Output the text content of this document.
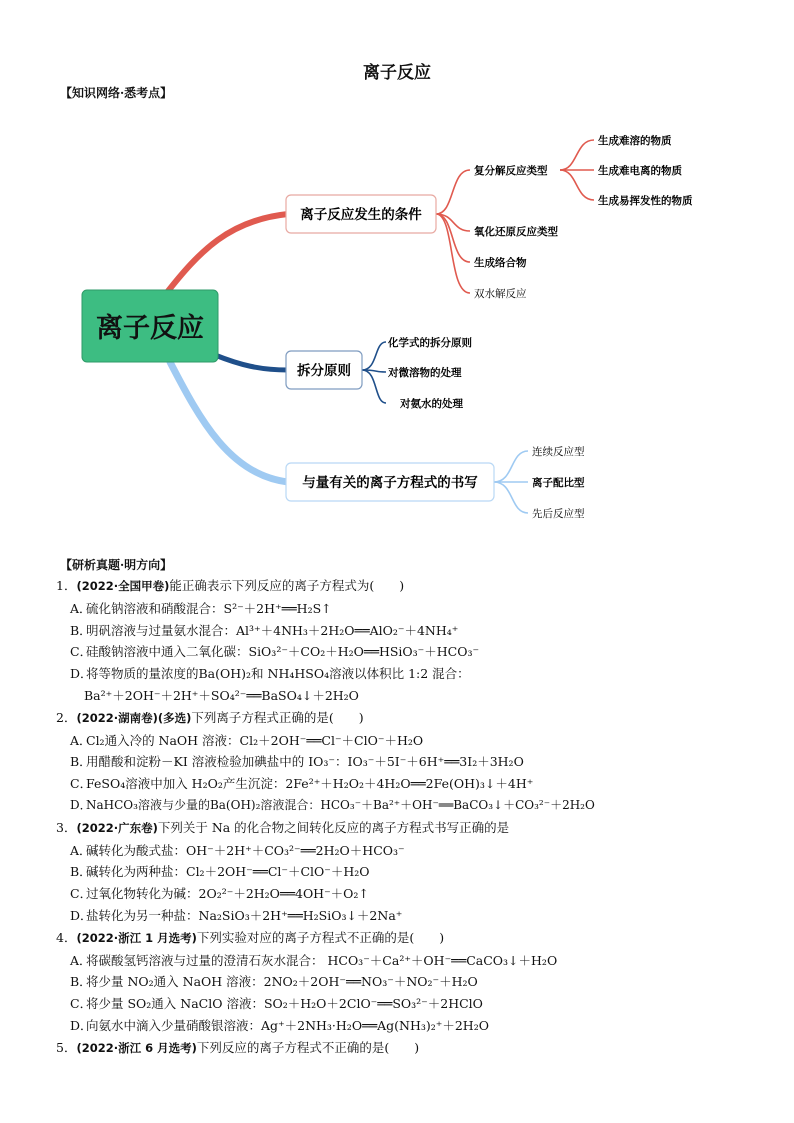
离子反应
【知识网络·悉考点】
离子反应
离子反应发生的条件
拆分原则
与量有关的离子方程式的书写
复分解反应类型
氧化还原反应类型
生成络合物
双水解反应
生成难溶的物质
生成难电离的物质
生成易挥发性的物质
化学式的拆分原则
对微溶物的处理
对氨水的处理
连续反应型
离子配比型
先后反应型
【研析真题·明方向】
1．(2022·全国甲卷)能正确表示下列反应的离子方程式为(　　)
A．硫化钠溶液和硝酸混合：S²⁻＋2H⁺══H₂S↑
B．明矾溶液与过量氨水混合：Al³⁺＋4NH₃＋2H₂O══AlO₂⁻＋4NH₄⁺
C．硅酸钠溶液中通入二氧化碳：SiO₃²⁻＋CO₂＋H₂O══HSiO₃⁻＋HCO₃⁻
D．将等物质的量浓度的Ba(OH)₂和 NH₄HSO₄溶液以体积比 1:2 混合：
Ba²⁺＋2OH⁻＋2H⁺＋SO₄²⁻══BaSO₄↓＋2H₂O
2．(2022·湖南卷)(多选)下列离子方程式正确的是(　　)
A．Cl₂通入冷的 NaOH 溶液：Cl₂＋2OH⁻══Cl⁻＋ClO⁻＋H₂O
B．用醋酸和淀粉－KI 溶液检验加碘盐中的 IO₃⁻：IO₃⁻＋5I⁻＋6H⁺══3I₂＋3H₂O
C．FeSO₄溶液中加入 H₂O₂产生沉淀：2Fe²⁺＋H₂O₂＋4H₂O══2Fe(OH)₃↓＋4H⁺
D．NaHCO₃溶液与少量的Ba(OH)₂溶液混合：HCO₃⁻＋Ba²⁺＋OH⁻══BaCO₃↓＋CO₃²⁻＋2H₂O
3．(2022·广东卷)下列关于 Na 的化合物之间转化反应的离子方程式书写正确的是
A．碱转化为酸式盐：OH⁻＋2H⁺＋CO₃²⁻══2H₂O＋HCO₃⁻
B．碱转化为两种盐：Cl₂＋2OH⁻══Cl⁻＋ClO⁻＋H₂O
C．过氧化物转化为碱：2O₂²⁻＋2H₂O══4OH⁻＋O₂↑
D．盐转化为另一种盐：Na₂SiO₃＋2H⁺══H₂SiO₃↓＋2Na⁺
4．(2022·浙江 1 月选考)下列实验对应的离子方程式不正确的是(　　)
A．将碳酸氢钙溶液与过量的澄清石灰水混合： HCO₃⁻＋Ca²⁺＋OH⁻══CaCO₃↓＋H₂O
B．将少量 NO₂通入 NaOH 溶液：2NO₂＋2OH⁻══NO₃⁻＋NO₂⁻＋H₂O
C．将少量 SO₂通入 NaClO 溶液：SO₂＋H₂O＋2ClO⁻══SO₃²⁻＋2HClO
D．向氨水中滴入少量硝酸银溶液：Ag⁺＋2NH₃·H₂O══Ag(NH₃)₂⁺＋2H₂O
5．(2022·浙江 6 月选考)下列反应的离子方程式不正确的是(　　)
